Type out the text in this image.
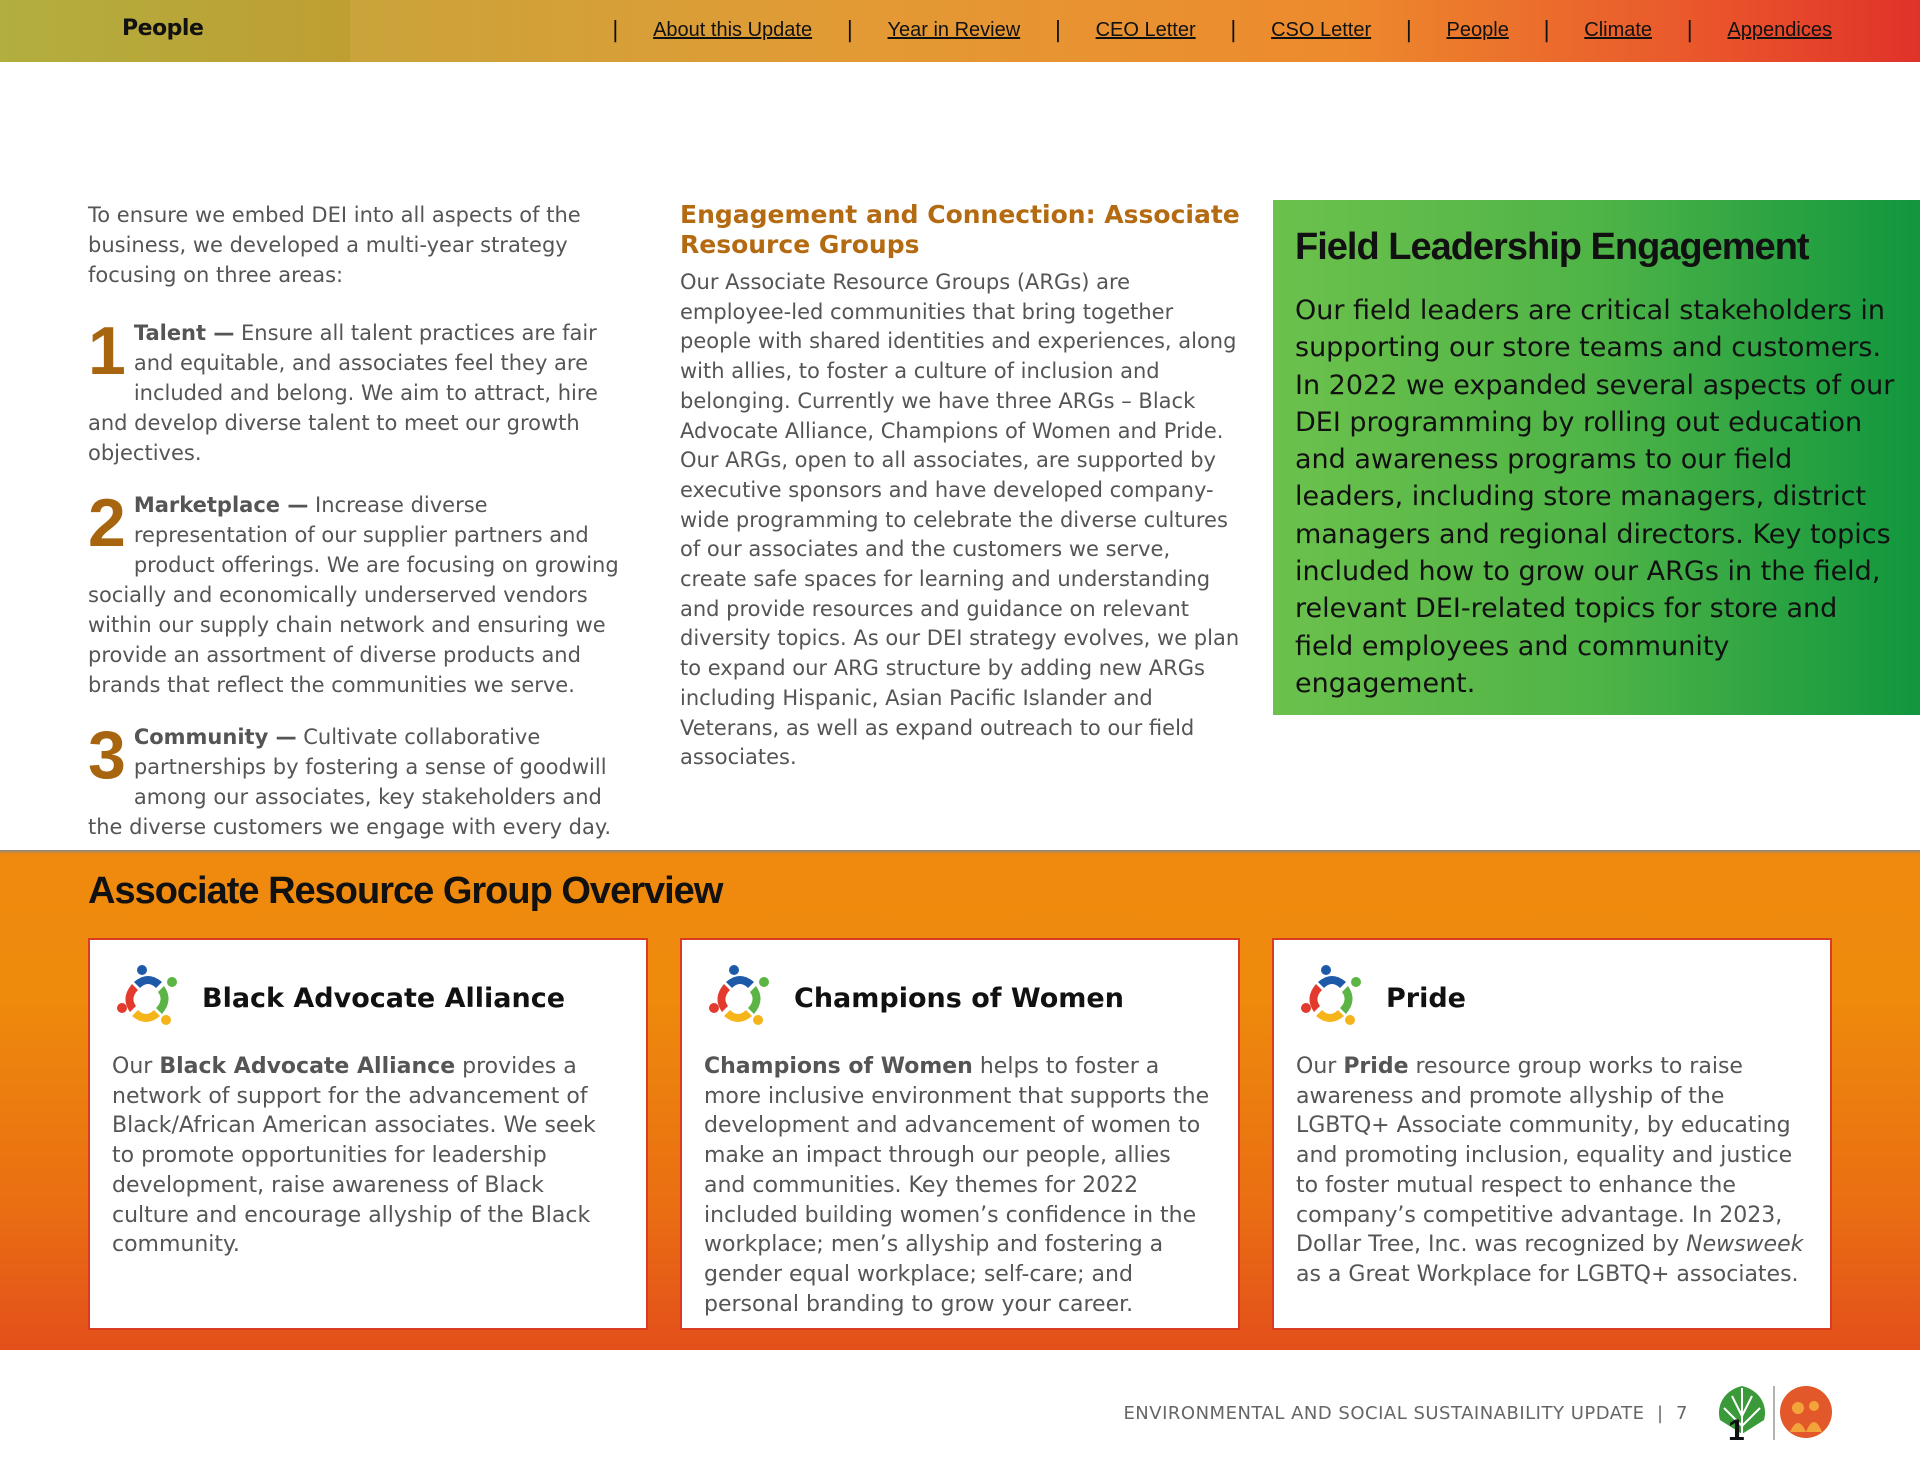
People	| About this Update | Year in Review | CEO Letter | CSO Letter | People | Climate | Appendices

To ensure we embed DEI into all aspects of the business, we developed a multi-year strategy focusing on three areas:

1 Talent — Ensure all talent practices are fair and equitable, and associates feel they are included and belong. We aim to attract, hire and develop diverse talent to meet our growth objectives.
2 Marketplace — Increase diverse representation of our supplier partners and product offerings. We are focusing on growing socially and economically underserved vendors within our supply chain network and ensuring we provide an assortment of diverse products and brands that reflect the communities we serve.
3 Community — Cultivate collaborative partnerships by fostering a sense of goodwill among our associates, key stakeholders and the diverse customers we engage with every day.
Engagement and Connection: Associate Resource Groups

Our Associate Resource Groups (ARGs) are employee-led communities that bring together people with shared identities and experiences, along with allies, to foster a culture of inclusion and belonging. Currently we have three ARGs – Black Advocate Alliance, Champions of Women and Pride. Our ARGs, open to all associates, are supported by executive sponsors and have developed company-wide programming to celebrate the diverse cultures of our associates and the customers we serve, create safe spaces for learning and understanding and provide resources and guidance on relevant diversity topics. As our DEI strategy evolves, we plan to expand our ARG structure by adding new ARGs including Hispanic, Asian Pacific Islander and Veterans, as well as expand outreach to our field associates.

Field Leadership Engagement

Our field leaders are critical stakeholders in supporting our store teams and customers. In 2022 we expanded several aspects of our DEI programming by rolling out education and awareness programs to our field leaders, including store managers, district managers and regional directors. Key topics included how to grow our ARGs in the field, relevant DEI-related topics for store and field employees and community engagement.

Associate Resource Group Overview
Black Advocate Alliance

Our Black Advocate Alliance provides a network of support for the advancement of Black/African American associates. We seek to promote opportunities for leadership development, raise awareness of Black culture and encourage allyship of the Black community.

Champions of Women

Champions of Women helps to foster a more inclusive environment that supports the development and advancement of women to make an impact through our people, allies and communities. Key themes for 2022 included building women’s confidence in the workplace; men’s allyship and fostering a gender equal workplace; self-care; and personal branding to grow your career.

Pride

Our Pride resource group works to raise awareness and promote allyship of the LGBTQ+ Associate community, by educating and promoting inclusion, equality and justice to foster mutual respect to enhance the company’s competitive advantage. In 2023, Dollar Tree, Inc. was recognized by Newsweek as a Great Workplace for LGBTQ+ associates.

ENVIRONMENTAL AND SOCIAL SUSTAINABILITY UPDATE | 7
1
